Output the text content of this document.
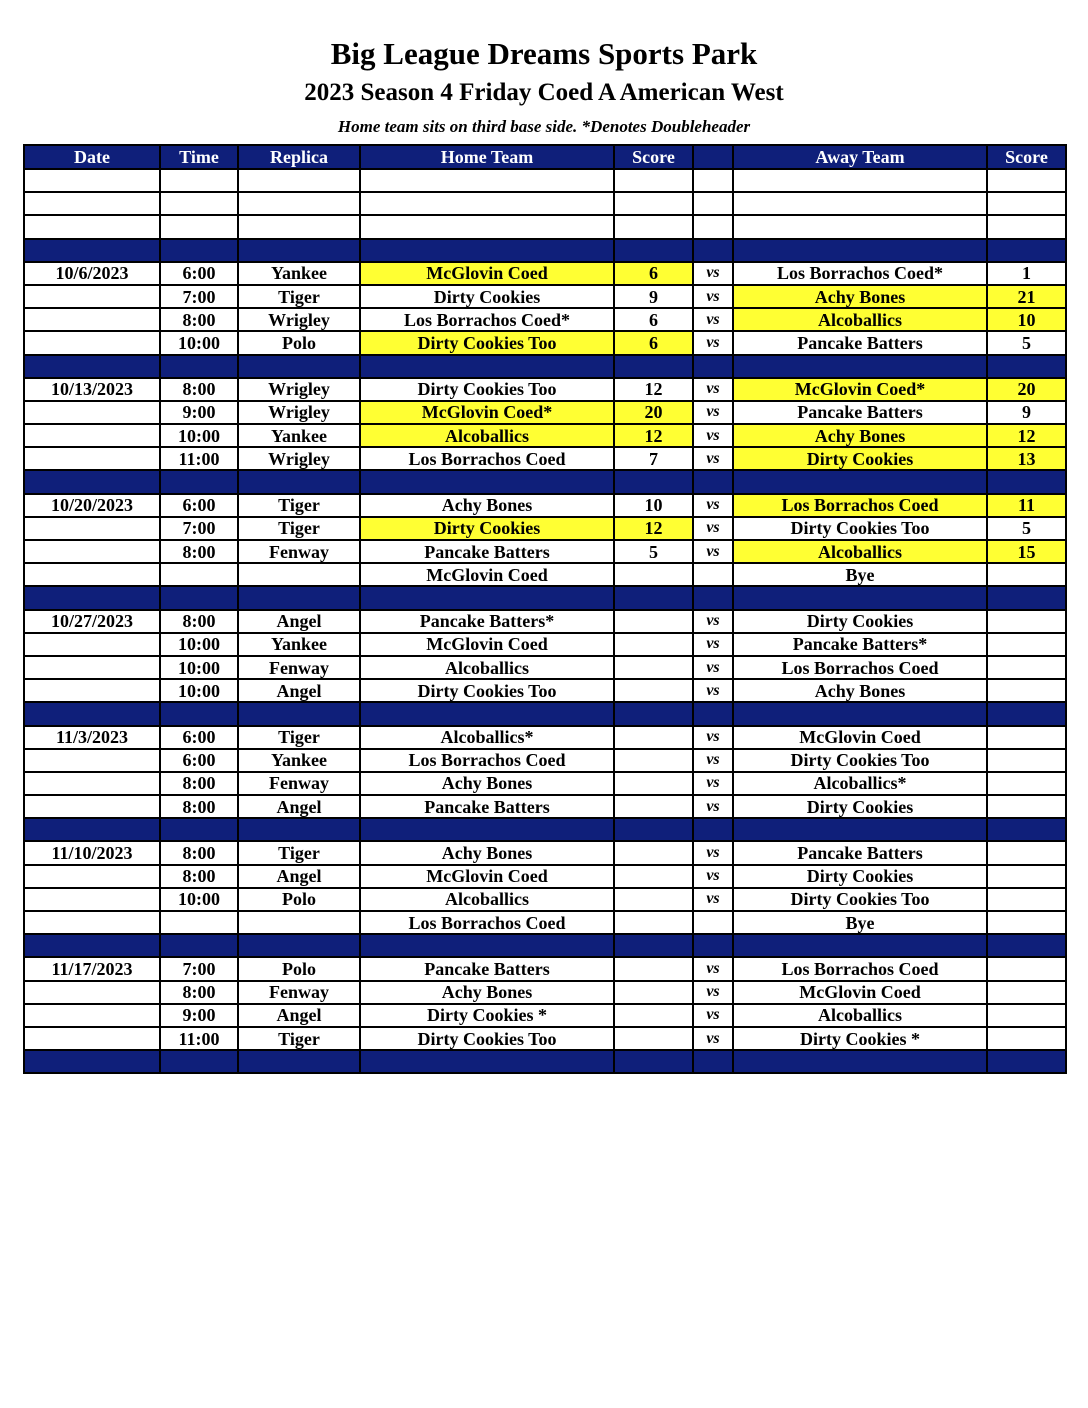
Big League Dreams Sports Park
2023 Season 4 Friday Coed A American West
Home team sits on third base side. *Denotes Doubleheader
Date	Time	Replica	Home Team	Score		Away Team	Score

10/6/2023	6:00	Yankee	McGlovin Coed	6	vs	Los Borrachos Coed*	1
	7:00	Tiger	Dirty Cookies	9	vs	Achy Bones	21
	8:00	Wrigley	Los Borrachos Coed*	6	vs	Alcoballics	10
	10:00	Polo	Dirty Cookies Too	6	vs	Pancake Batters	5

10/13/2023	8:00	Wrigley	Dirty Cookies Too	12	vs	McGlovin Coed*	20
	9:00	Wrigley	McGlovin Coed*	20	vs	Pancake Batters	9
	10:00	Yankee	Alcoballics	12	vs	Achy Bones	12
	11:00	Wrigley	Los Borrachos Coed	7	vs	Dirty Cookies	13

10/20/2023	6:00	Tiger	Achy Bones	10	vs	Los Borrachos Coed	11
	7:00	Tiger	Dirty Cookies	12	vs	Dirty Cookies Too	5
	8:00	Fenway	Pancake Batters	5	vs	Alcoballics	15
			McGlovin Coed			Bye	

10/27/2023	8:00	Angel	Pancake Batters*		vs	Dirty Cookies	
	10:00	Yankee	McGlovin Coed		vs	Pancake Batters*	
	10:00	Fenway	Alcoballics		vs	Los Borrachos Coed	
	10:00	Angel	Dirty Cookies Too		vs	Achy Bones	

11/3/2023	6:00	Tiger	Alcoballics*		vs	McGlovin Coed	
	6:00	Yankee	Los Borrachos Coed		vs	Dirty Cookies Too	
	8:00	Fenway	Achy Bones		vs	Alcoballics*	
	8:00	Angel	Pancake Batters		vs	Dirty Cookies	

11/10/2023	8:00	Tiger	Achy Bones		vs	Pancake Batters	
	8:00	Angel	McGlovin Coed		vs	Dirty Cookies	
	10:00	Polo	Alcoballics		vs	Dirty Cookies Too	
			Los Borrachos Coed			Bye	

11/17/2023	7:00	Polo	Pancake Batters		vs	Los Borrachos Coed	
	8:00	Fenway	Achy Bones		vs	McGlovin Coed	
	9:00	Angel	Dirty Cookies *		vs	Alcoballics	
	11:00	Tiger	Dirty Cookies Too		vs	Dirty Cookies *	
